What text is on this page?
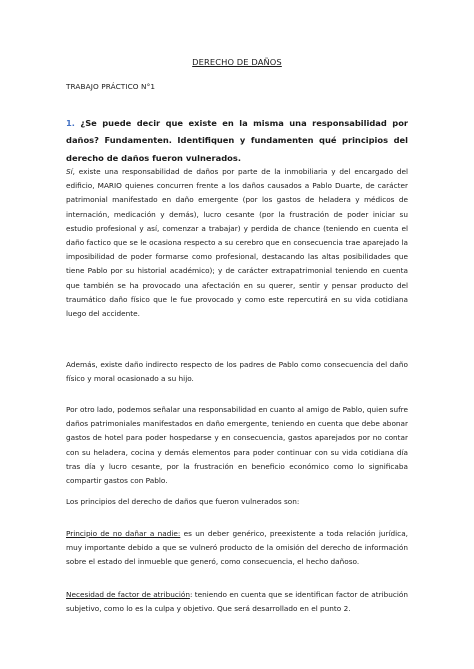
DERECHO DE DAÑOS
TRABAJO PRÁCTICO N°1
1. ¿Se puede decir que existe en la misma una responsabilidad por daños? Fundamenten. Identifiquen y fundamenten qué principios del derecho de daños fueron vulnerados.
Sí, existe una responsabilidad de daños por parte de la inmobiliaria y del encargado del edificio, MARIO quienes concurren frente a los daños causados a Pablo Duarte, de carácter patrimonial manifestado en daño emergente (por los gastos de heladera y médicos de internación, medicación y demás), lucro cesante (por la frustración de poder iniciar su estudio profesional y así, comenzar a trabajar) y perdida de chance (teniendo en cuenta el daño factico que se le ocasiona respecto a su cerebro que en consecuencia trae aparejado la imposibilidad de poder formarse como profesional, destacando las altas posibilidades que tiene Pablo por su historial académico); y de carácter extrapatrimonial teniendo en cuenta que también se ha provocado una afectación en su querer, sentir y pensar producto del traumático daño físico que le fue provocado y como este repercutirá en su vida cotidiana luego del accidente.
Además, existe daño indirecto respecto de los padres de Pablo como consecuencia del daño físico y moral ocasionado a su hijo.
Por otro lado, podemos señalar una responsabilidad en cuanto al amigo de Pablo, quien sufre daños patrimoniales manifestados en daño emergente, teniendo en cuenta que debe abonar gastos de hotel para poder hospedarse y en consecuencia, gastos aparejados por no contar con su heladera, cocina y demás elementos para poder continuar con su vida cotidiana día tras día y lucro cesante, por la frustración en beneficio económico como lo significaba compartir gastos con Pablo.
Los principios del derecho de daños que fueron vulnerados son:
Principio de no dañar a nadie: es un deber genérico, preexistente a toda relación jurídica, muy importante debido a que se vulneró producto de la omisión del derecho de información sobre el estado del inmueble que generó, como consecuencia, el hecho dañoso.
Necesidad de factor de atribución: teniendo en cuenta que se identifican factor de atribución subjetivo, como lo es la culpa y objetivo. Que será desarrollado en el punto 2.
